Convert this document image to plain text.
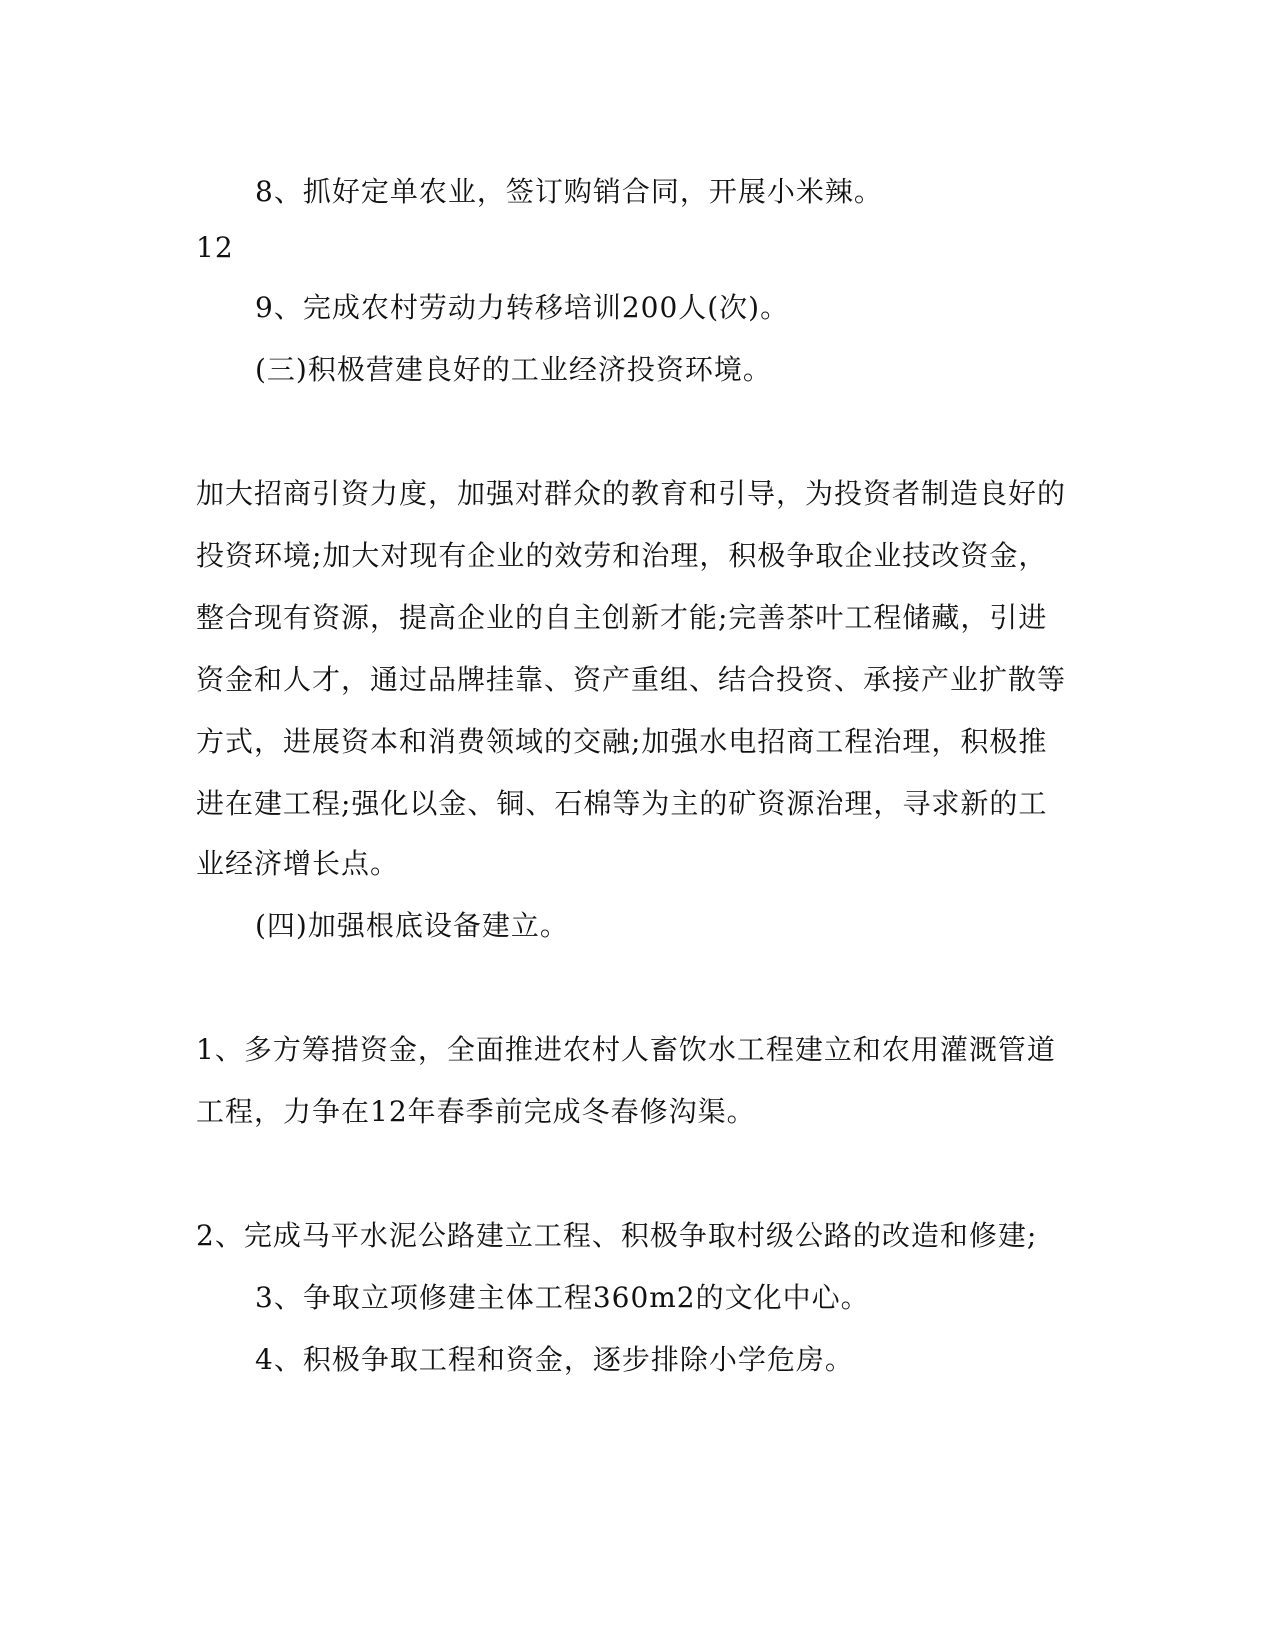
8、抓好定单农业，签订购销合同，开展小米辣。
12
9、完成农村劳动力转移培训200人(次)。
(三)积极营建良好的工业经济投资环境。
加大招商引资力度，加强对群众的教育和引导，为投资者制造良好的
投资环境;加大对现有企业的效劳和治理，积极争取企业技改资金，
整合现有资源，提高企业的自主创新才能;完善茶叶工程储藏，引进
资金和人才，通过品牌挂靠、资产重组、结合投资、承接产业扩散等
方式，进展资本和消费领域的交融;加强水电招商工程治理，积极推
进在建工程;强化以金、铜、石棉等为主的矿资源治理，寻求新的工
业经济增长点。
(四)加强根底设备建立。
1、多方筹措资金，全面推进农村人畜饮水工程建立和农用灌溉管道
工程，力争在12年春季前完成冬春修沟渠。
2、完成马平水泥公路建立工程、积极争取村级公路的改造和修建;
3、争取立项修建主体工程360m2的文化中心。
4、积极争取工程和资金，逐步排除小学危房。
